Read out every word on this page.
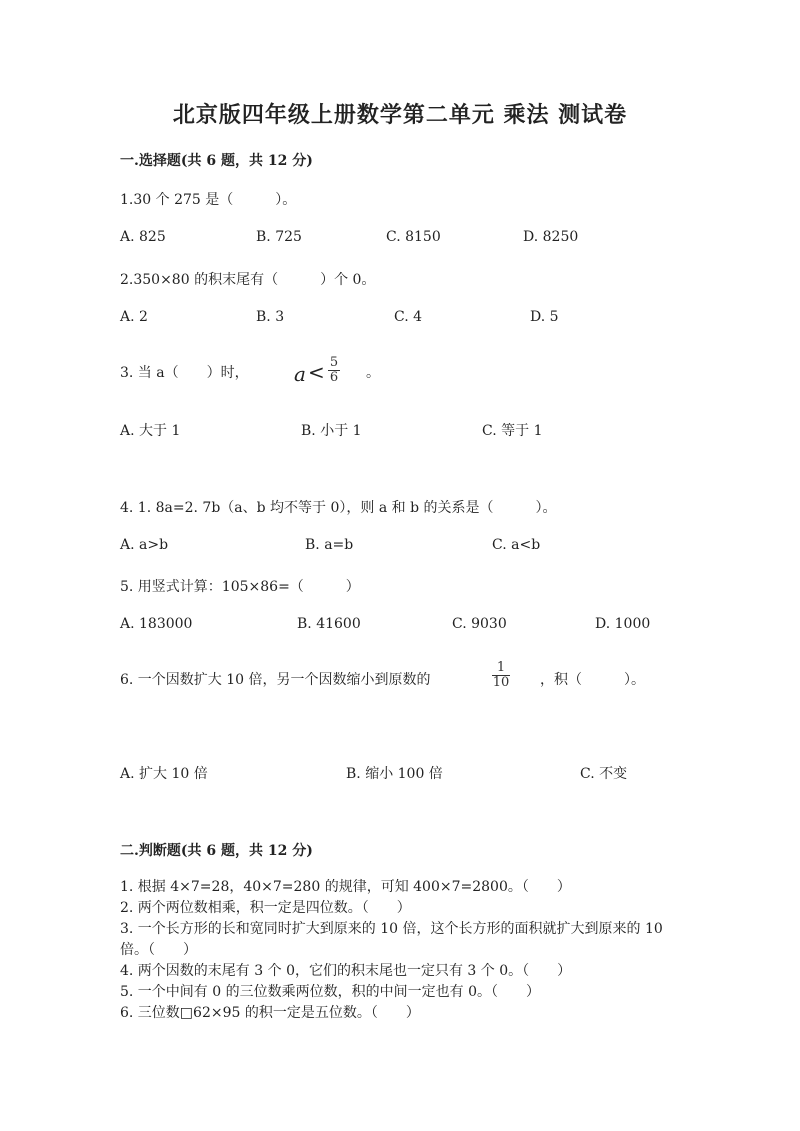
北京版四年级上册数学第二单元 乘法 测试卷
一.选择题(共 6 题，共 12 分)
1.30 个 275 是（　　　）。
A. 825	B. 725	C. 8150	D. 8250
2.350×80 的积末尾有（　　　）个 0。
A. 2	B. 3	C. 4	D. 5
3. 当 a（　　）时， a < 5
6 。
A. 大于 1	B. 小于 1	C. 等于 1
4. 1. 8a=2. 7b（a、b 均不等于 0），则 a 和 b 的关系是（　　　）。
A. a>b	B. a=b	C. a<b
5. 用竖式计算：105×86=（　　　）
A. 183000	B. 41600	C. 9030	D. 1000
6. 一个因数扩大 10 倍，另一个因数缩小到原数的
1
10 ，积（　　　）。
A. 扩大 10 倍	B. 缩小 100 倍	C. 不变
二.判断题(共 6 题，共 12 分)
1. 根据 4×7=28，40×7=280 的规律，可知 400×7=2800。（　　）
2. 两个两位数相乘，积一定是四位数。（　　）
3. 一个长方形的长和宽同时扩大到原来的 10 倍，这个长方形的面积就扩大到原来的 10 倍。（　　）
4. 两个因数的末尾有 3 个 0，它们的积末尾也一定只有 3 个 0。（　　）
5. 一个中间有 0 的三位数乘两位数，积的中间一定也有 0。（　　）
6. 三位数□62×95 的积一定是五位数。（　　）
